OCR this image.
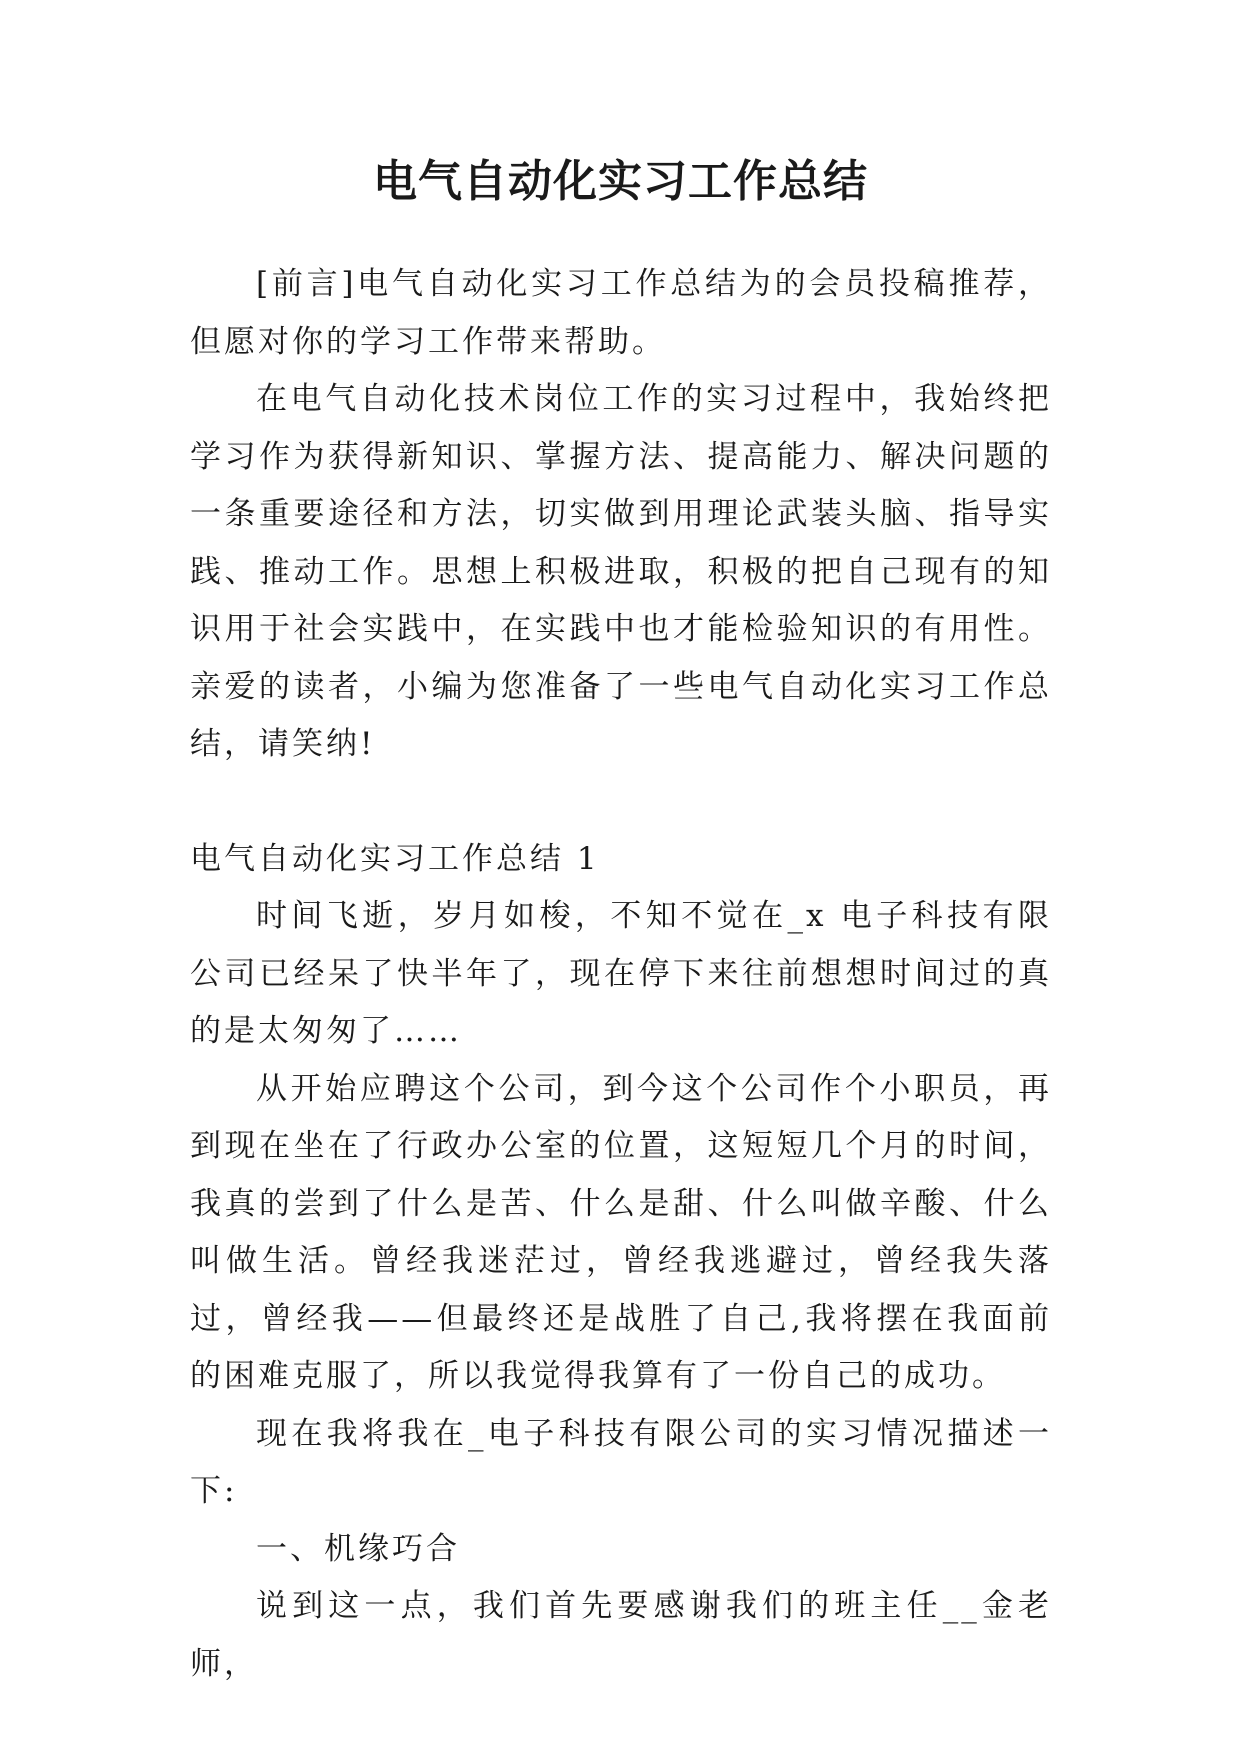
电气自动化实习工作总结

[前言]电气自动化实习工作总结为的会员投稿推荐，但愿对你的学习工作带来帮助。

在电气自动化技术岗位工作的实习过程中，我始终把学习作为获得新知识、掌握方法、提高能力、解决问题的一条重要途径和方法，切实做到用理论武装头脑、指导实践、推动工作。思想上积极进取，积极的把自己现有的知识用于社会实践中，在实践中也才能检验知识的有用性。亲爱的读者，小编为您准备了一些电气自动化实习工作总结，请笑纳!

电气自动化实习工作总结 1

时间飞逝，岁月如梭，不知不觉在_x 电子科技有限公司已经呆了快半年了，现在停下来往前想想时间过的真的是太匆匆了……

从开始应聘这个公司，到今这个公司作个小职员，再到现在坐在了行政办公室的位置，这短短几个月的时间，我真的尝到了什么是苦、什么是甜、什么叫做辛酸、什么叫做生活。曾经我迷茫过，曾经我逃避过，曾经我失落过，曾经我——但最终还是战胜了自己,我将摆在我面前的困难克服了，所以我觉得我算有了一份自己的成功。

现在我将我在_电子科技有限公司的实习情况描述一下:

一、机缘巧合

说到这一点，我们首先要感谢我们的班主任__金老师，
